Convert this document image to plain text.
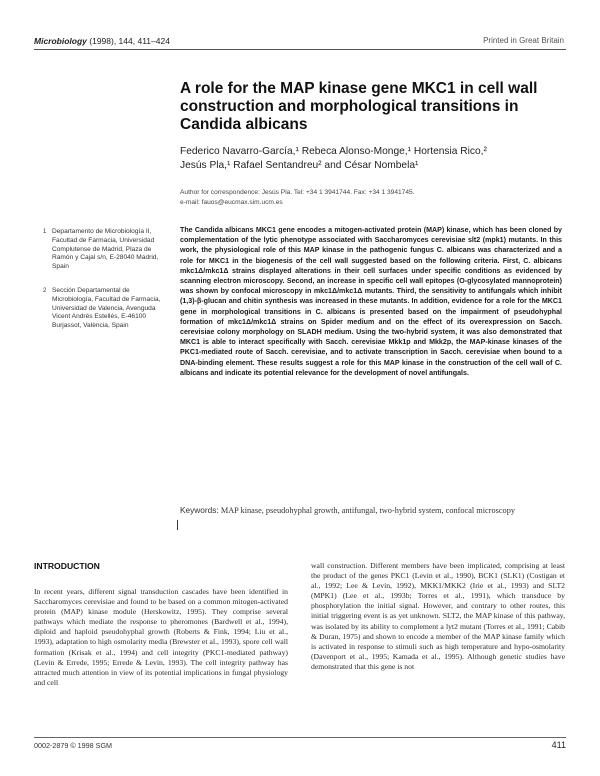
Microbiology (1998), 144, 411–424	Printed in Great Britain
A role for the MAP kinase gene MKC1 in cell wall construction and morphological transitions in Candida albicans
Federico Navarro-García,¹ Rebeca Alonso-Monge,¹ Hortensia Rico,²
Jesús Pla,¹ Rafael Sentandreu² and César Nombela¹
Author for correspondence: Jesús Pla. Tel: +34 1 3941744. Fax: +34 1 3941745.
e-mail: fauos@eucmax.sim.ucm.es
1 Departamento de Microbiología II, Facultad de Farmacia, Universidad Complutense de Madrid, Plaza de Ramón y Cajal s/n, E-28040 Madrid, Spain
2 Sección Departamental de Microbiología, Facultad de Farmacia, Universidad de Valencia, Avenguda Vicent Andrés Estellés, E-46100 Burjassot, València, Spain
The Candida albicans MKC1 gene encodes a mitogen-activated protein (MAP) kinase, which has been cloned by complementation of the lytic phenotype associated with Saccharomyces cerevisiae slt2 (mpk1) mutants. In this work, the physiological role of this MAP kinase in the pathogenic fungus C. albicans was characterized and a role for MKC1 in the biogenesis of the cell wall suggested based on the following criteria. First, C. albicans mkc1Δ/mkc1Δ strains displayed alterations in their cell surfaces under specific conditions as evidenced by scanning electron microscopy. Second, an increase in specific cell wall epitopes (O-glycosylated mannoprotein) was shown by confocal microscopy in mkc1Δ/mkc1Δ mutants. Third, the sensitivity to antifungals which inhibit (1,3)-β-glucan and chitin synthesis was increased in these mutants. In addition, evidence for a role for the MKC1 gene in morphological transitions in C. albicans is presented based on the impairment of pseudohyphal formation of mkc1Δ/mkc1Δ strains on Spider medium and on the effect of its overexpression on Sacch. cerevisiae colony morphology on SLADH medium. Using the two-hybrid system, it was also demonstrated that MKC1 is able to interact specifically with Sacch. cerevisiae Mkk1p and Mkk2p, the MAP-kinase kinases of the PKC1-mediated route of Sacch. cerevisiae, and to activate transcription in Sacch. cerevisiae when bound to a DNA-binding element. These results suggest a role for this MAP kinase in the construction of the cell wall of C. albicans and indicate its potential relevance for the development of novel antifungals.
Keywords: MAP kinase, pseudohyphal growth, antifungal, two-hybrid system, confocal microscopy
INTRODUCTION
In recent years, different signal transduction cascades have been identified in Saccharomyces cerevisiae and found to be based on a common mitogen-activated protein (MAP) kinase module (Herskowitz, 1995). They comprise several pathways which mediate the response to pheromones (Bardwell et al., 1994), diploid and haploid pseudohyphal growth (Roberts & Fink, 1994; Liu et al., 1993), adaptation to high osmolarity media (Brewster et al., 1993), spore cell wall formation (Krisak et al., 1994) and cell integrity (PKC1-mediated pathway) (Levin & Errede, 1995; Errede & Levin, 1993). The cell integrity pathway has attracted much attention in view of its potential implications in fungal physiology and cell
wall construction. Different members have been implicated, comprising at least the product of the genes PKC1 (Levin et al., 1990), BCK1 (SLK1) (Costigan et al., 1992; Lee & Levin, 1992), MKK1/MKK2 (Irie et al., 1993) and SLT2 (MPK1) (Lee et al., 1993b; Torres et al., 1991), which transduce by phosphorylation the initial signal. However, and contrary to other routes, this initial triggering event is as yet unknown. SLT2, the MAP kinase of this pathway, was isolated by its ability to complement a lyt2 mutant (Torres et al., 1991; Cabib & Duran, 1975) and shown to encode a member of the MAP kinase family which is activated in response to stimuli such as high temperature and hypo-osmolarity (Davenport et al., 1995; Kamada et al., 1995). Although genetic studies have demonstrated that this gene is not
0002-2879 © 1998 SGM	411
